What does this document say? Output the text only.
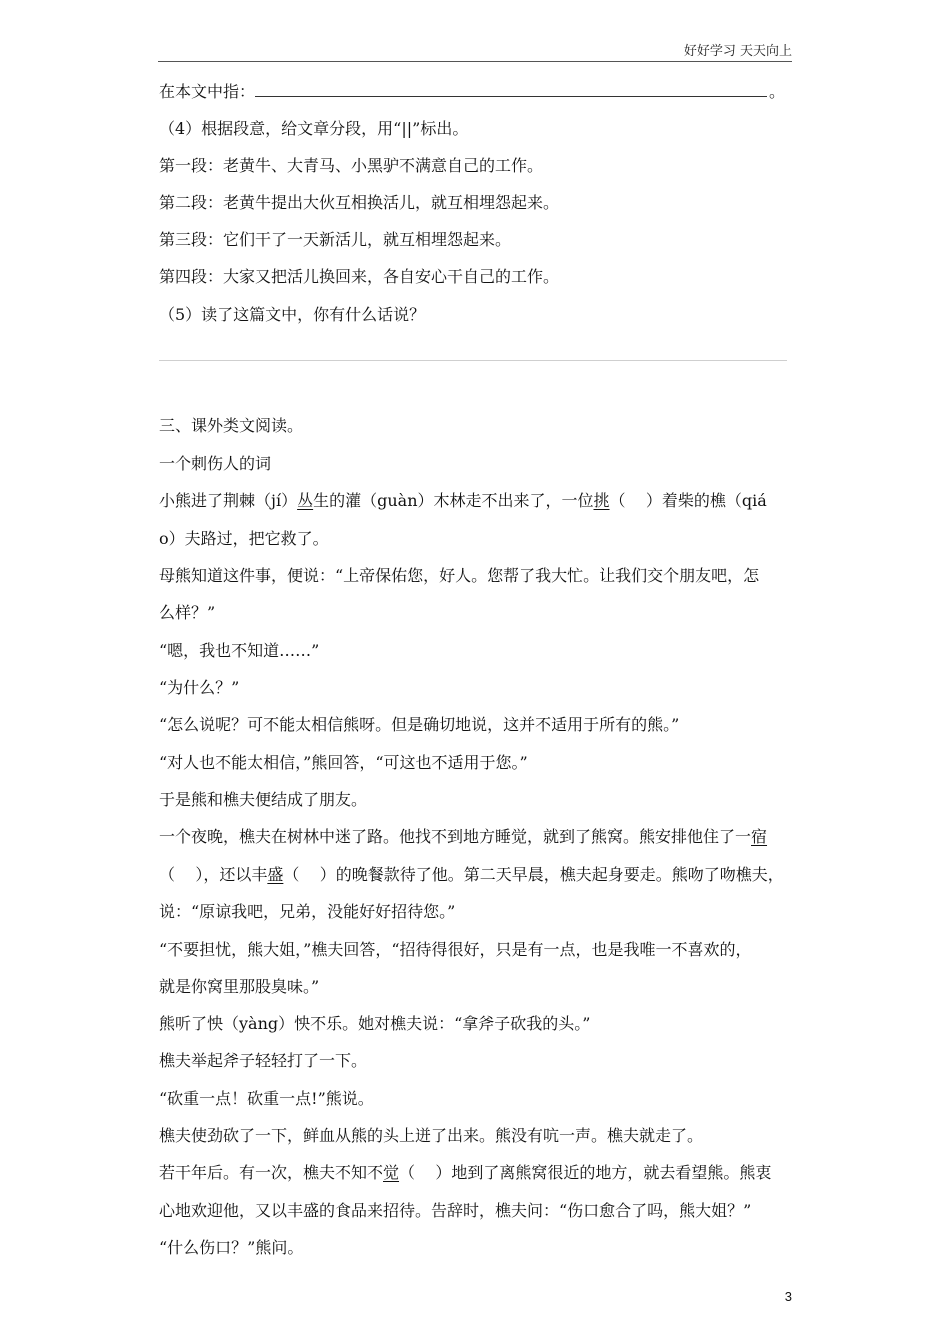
好好学习 天天向上
在本文中指：	。
（4）根据段意，给文章分段，用“||”标出。
第一段：老黄牛、大青马、小黑驴不满意自己的工作。
第二段：老黄牛提出大伙互相换活儿，就互相埋怨起来。
第三段：它们干了一天新活儿，就互相埋怨起来。
第四段：大家又把活儿换回来，各自安心干自己的工作。
（5）读了这篇文中，你有什么话说？
三、课外类文阅读。
一个刺伤人的词
小熊进了荆棘（jí）丛生的灌（guàn）木林走不出来了，一位挑（    ）着柴的樵（qiá
o）夫路过，把它救了。
母熊知道这件事，便说：“上帝保佑您，好人。您帮了我大忙。让我们交个朋友吧，怎
么样？”
“嗯，我也不知道……”
“为什么？”
“怎么说呢？可不能太相信熊呀。但是确切地说，这并不适用于所有的熊。”
“对人也不能太相信，”熊回答，“可这也不适用于您。”
于是熊和樵夫便结成了朋友。
一个夜晚，樵夫在树林中迷了路。他找不到地方睡觉，就到了熊窝。熊安排他住了一宿
（    ），还以丰盛（    ）的晚餐款待了他。第二天早晨，樵夫起身要走。熊吻了吻樵夫，
说：“原谅我吧，兄弟，没能好好招待您。”
“不要担忧，熊大姐，”樵夫回答，“招待得很好，只是有一点，也是我唯一不喜欢的，
就是你窝里那股臭味。”
熊听了怏（yàng）怏不乐。她对樵夫说：“拿斧子砍我的头。”
樵夫举起斧子轻轻打了一下。
“砍重一点！砍重一点!”熊说。
樵夫使劲砍了一下，鲜血从熊的头上迸了出来。熊没有吭一声。樵夫就走了。
若干年后。有一次，樵夫不知不觉（    ）地到了离熊窝很近的地方，就去看望熊。熊衷
心地欢迎他，又以丰盛的食品来招待。告辞时，樵夫问：“伤口愈合了吗，熊大姐？”
“什么伤口？”熊问。
3
